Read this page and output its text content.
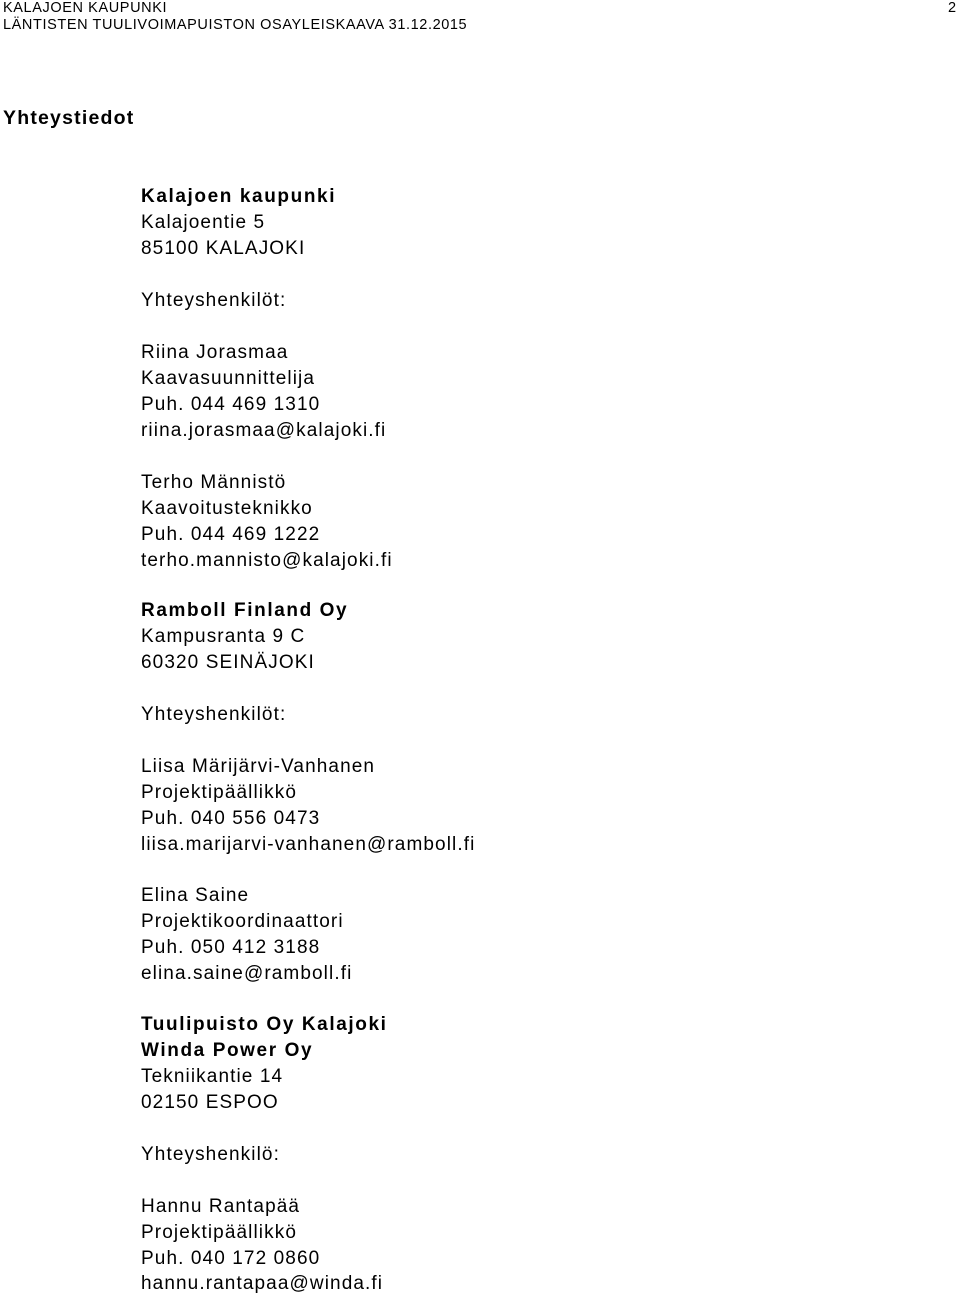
KALAJOEN KAUPUNKI
LÄNTISTEN TUULIVOIMAPUISTON OSAYLEISKAAVA 31.12.2015
2
Yhteystiedot
Kalajoen kaupunki
Kalajoentie 5
85100 KALAJOKI
Yhteyshenkilöt:
Riina Jorasmaa
Kaavasuunnittelija
Puh. 044 469 1310
riina.jorasmaa@kalajoki.fi
Terho Männistö
Kaavoitusteknikko
Puh. 044 469 1222
terho.mannisto@kalajoki.fi
Ramboll Finland Oy
Kampusranta 9 C
60320 SEINÄJOKI
Yhteyshenkilöt:
Liisa Märijärvi-Vanhanen
Projektipäällikkö
Puh. 040 556 0473
liisa.marijarvi-vanhanen@ramboll.fi
Elina Saine
Projektikoordinaattori
Puh. 050 412 3188
elina.saine@ramboll.fi
Tuulipuisto Oy Kalajoki
Winda Power Oy
Tekniikantie 14
02150 ESPOO
Yhteyshenkilö:
Hannu Rantapää
Projektipäällikkö
Puh. 040 172 0860
hannu.rantapaa@winda.fi
